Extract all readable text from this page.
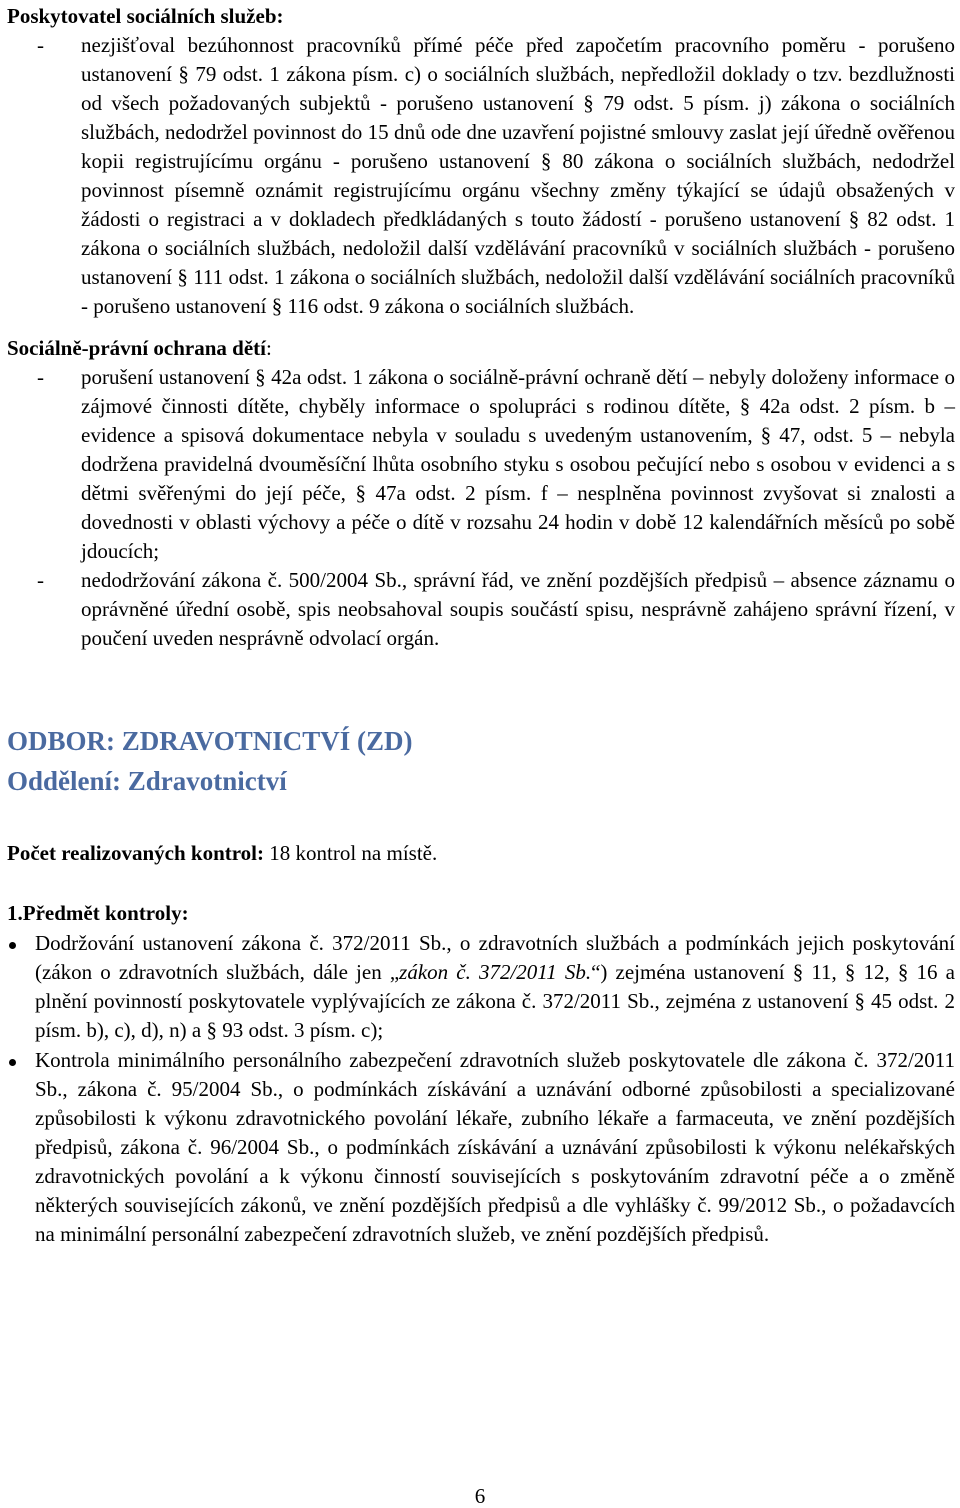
Poskytovatel sociálních služeb:
- nezjišťoval bezúhonnost pracovníků přímé péče před započetím pracovního poměru - porušeno ustanovení § 79 odst. 1 zákona písm. c) o sociálních službách, nepředložil doklady o tzv. bezdlužnosti od všech požadovaných subjektů - porušeno ustanovení § 79 odst. 5 písm. j) zákona o sociálních službách, nedodržel povinnost do 15 dnů ode dne uzavření pojistné smlouvy zaslat její úředně ověřenou kopii registrujícímu orgánu - porušeno ustanovení § 80 zákona o sociálních službách, nedodržel povinnost písemně oznámit registrujícímu orgánu všechny změny týkající se údajů obsažených v žádosti o registraci a v dokladech předkládaných s touto žádostí - porušeno ustanovení § 82 odst. 1 zákona o sociálních službách, nedoložil další vzdělávání pracovníků v sociálních službách - porušeno ustanovení § 111 odst. 1 zákona o sociálních službách, nedoložil další vzdělávání sociálních pracovníků - porušeno ustanovení § 116 odst. 9 zákona o sociálních službách.
Sociálně-právní ochrana dětí:
- porušení ustanovení § 42a odst. 1 zákona o sociálně-právní ochraně dětí – nebyly doloženy informace o zájmové činnosti dítěte, chyběly informace o spolupráci s rodinou dítěte, § 42a odst. 2 písm. b – evidence a spisová dokumentace nebyla v souladu s uvedeným ustanovením, § 47, odst. 5 – nebyla dodržena pravidelná dvouměsíční lhůta osobního styku s osobou pečující nebo s osobou v evidenci a s dětmi svěřenými do její péče, § 47a odst. 2 písm. f – nesplněna povinnost zvyšovat si znalosti a dovednosti v oblasti výchovy a péče o dítě v rozsahu 24 hodin v době 12 kalendářních měsíců po sobě jdoucích;
- nedodržování zákona č. 500/2004 Sb., správní řád, ve znění pozdějších předpisů – absence záznamu o oprávněné úřední osobě, spis neobsahoval soupis součástí spisu, nesprávně zahájeno správní řízení, v poučení uveden nesprávně odvolací orgán.
ODBOR: ZDRAVOTNICTVÍ (ZD)
Oddělení: Zdravotnictví
Počet realizovaných kontrol: 18 kontrol na místě.
1.Předmět kontroly:
Dodržování ustanovení zákona č. 372/2011 Sb., o zdravotních službách a podmínkách jejich poskytování (zákon o zdravotních službách, dále jen „zákon č. 372/2011 Sb.“) zejména ustanovení § 11, § 12, § 16 a plnění povinností poskytovatele vyplývajících ze zákona č. 372/2011 Sb., zejména z ustanovení § 45 odst. 2 písm. b), c), d), n) a § 93 odst. 3 písm. c);
Kontrola minimálního personálního zabezpečení zdravotních služeb poskytovatele dle zákona č. 372/2011 Sb., zákona č. 95/2004 Sb., o podmínkách získávání a uznávání odborné způsobilosti a specializované způsobilosti k výkonu zdravotnického povolání lékaře, zubního lékaře a farmaceuta, ve znění pozdějších předpisů, zákona č. 96/2004 Sb., o podmínkách získávání a uznávání způsobilosti k výkonu nelékařských zdravotnických povolání a k výkonu činností souvisejících s poskytováním zdravotní péče a o změně některých souvisejících zákonů, ve znění pozdějších předpisů a dle vyhlášky č. 99/2012 Sb., o požadavcích na minimální personální zabezpečení zdravotních služeb, ve znění pozdějších předpisů.
6
